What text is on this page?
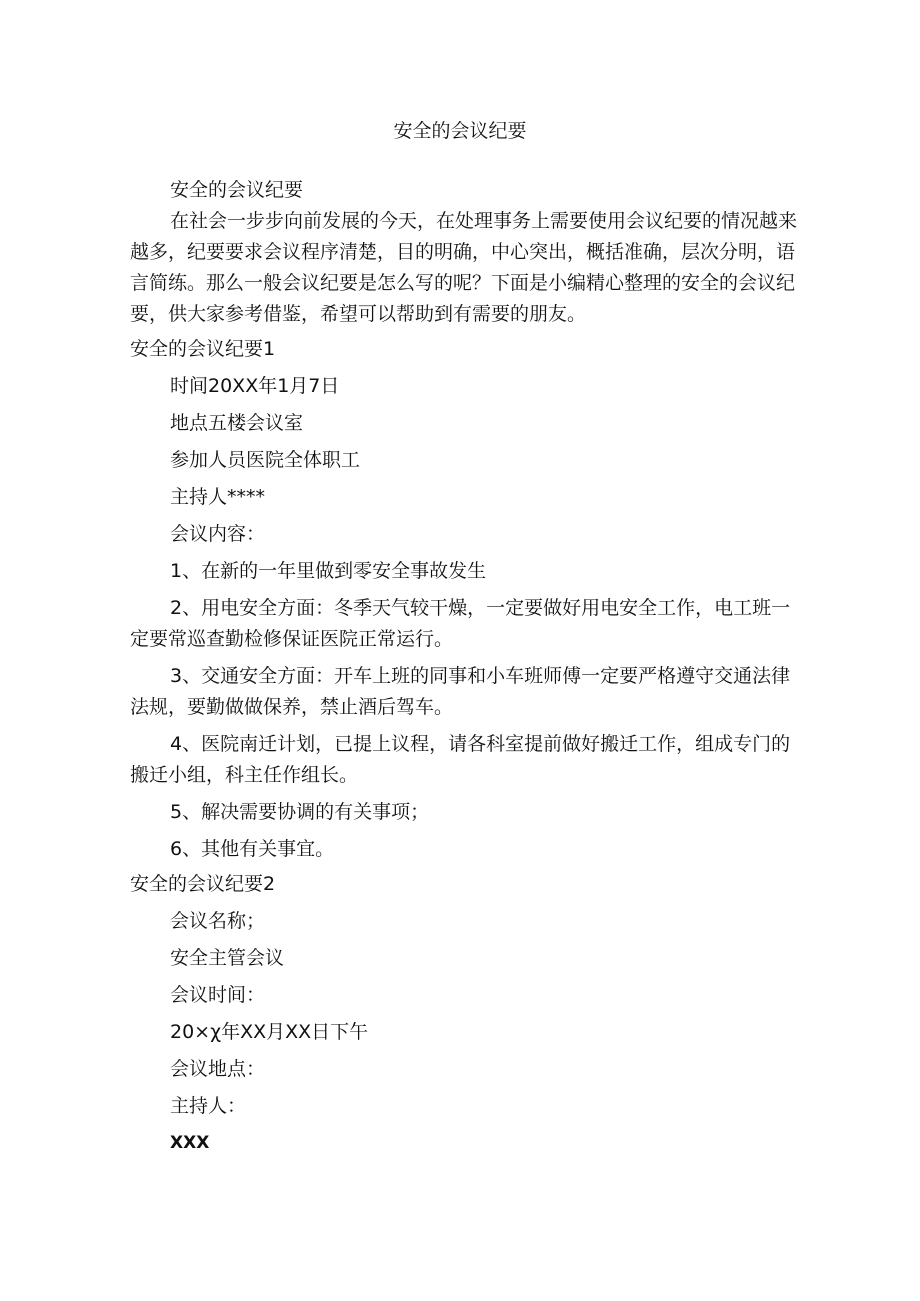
安全的会议纪要

安全的会议纪要

在社会一步步向前发展的今天，在处理事务上需要使用会议纪要的情况越来越多，纪要要求会议程序清楚，目的明确，中心突出，概括准确，层次分明，语言简练。那么一般会议纪要是怎么写的呢？下面是小编精心整理的安全的会议纪要，供大家参考借鉴，希望可以帮助到有需要的朋友。

安全的会议纪要1

时间20XX年1月7日

地点五楼会议室

参加人员医院全体职工

主持人****

会议内容：

1、在新的一年里做到零安全事故发生

2、用电安全方面：冬季天气较干燥，一定要做好用电安全工作，电工班一定要常巡查勤检修保证医院正常运行。

3、交通安全方面：开车上班的同事和小车班师傅一定要严格遵守交通法律法规，要勤做做保养，禁止酒后驾车。

4、医院南迁计划，已提上议程，请各科室提前做好搬迁工作，组成专门的搬迁小组，科主任作组长。

5、解决需要协调的有关事项；

6、其他有关事宜。

安全的会议纪要2

会议名称；

安全主管会议

会议时间：

20×χ年XX月XX日下午

会议地点：

主持人：

XXX
